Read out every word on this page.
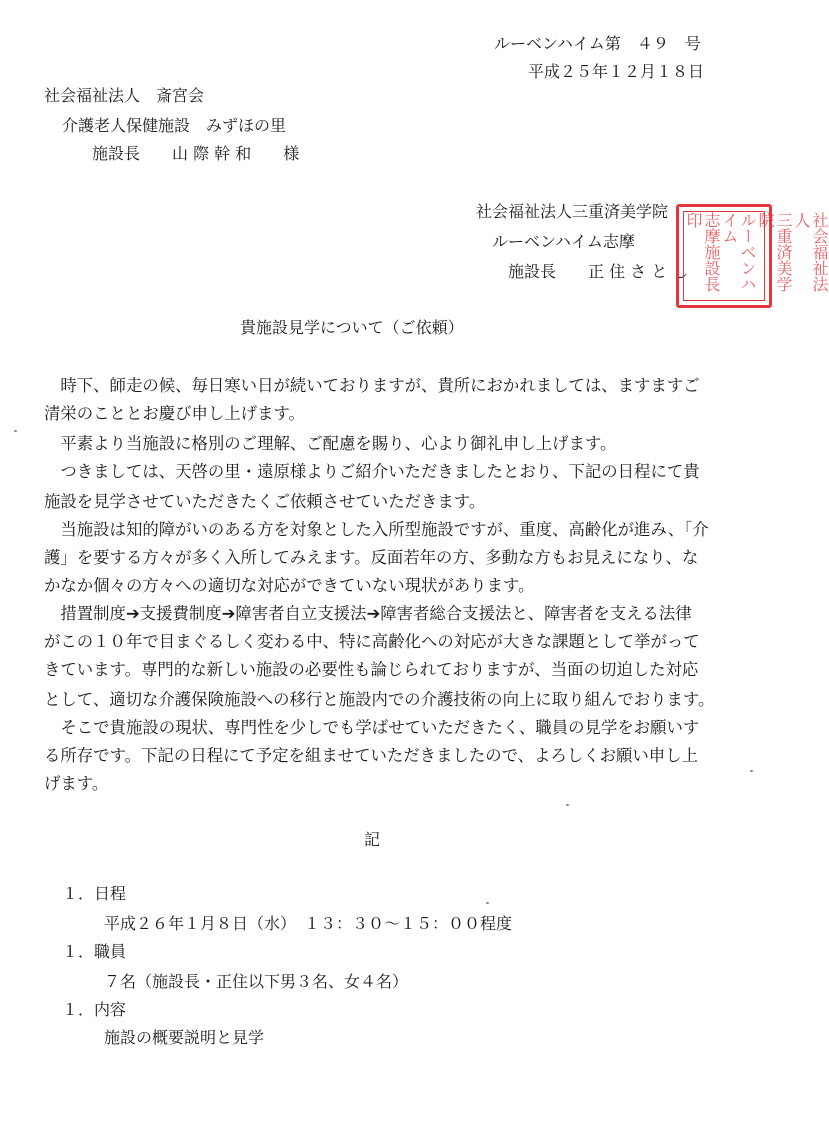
ルーベンハイム第　４９　号
平成２５年１２月１８日
社会福祉法人　斎宮会
介護老人保健施設　みずほの里
施設長　　山 際 幹 和　　様
社会福祉法人三重済美学院
ルーベンハイム志摩
施設長　　正 住 さ と し	社会福祉法人
三重済美学院
ルーベンハイム
志摩施設長印
貴施設見学について（ご依頼）
　時下、師走の候、毎日寒い日が続いておりますが、貴所におかれましては、ますますご
清栄のこととお慶び申し上げます。
　平素より当施設に格別のご理解、ご配慮を賜り、心より御礼申し上げます。
　つきましては、天啓の里・遠原様よりご紹介いただきましたとおり、下記の日程にて貴
施設を見学させていただきたくご依頼させていただきます。
　当施設は知的障がいのある方を対象とした入所型施設ですが、重度、高齢化が進み、「介
護」を要する方々が多く入所してみえます。反面若年の方、多動な方もお見えになり、な
かなか個々の方々への適切な対応ができていない現状があります。
　措置制度➔支援費制度➔障害者自立支援法➔障害者総合支援法と、障害者を支える法律
がこの１０年で目まぐるしく変わる中、特に高齢化への対応が大きな課題として挙がって
きています。専門的な新しい施設の必要性も論じられておりますが、当面の切迫した対応
として、適切な介護保険施設への移行と施設内での介護技術の向上に取り組んでおります。
　そこで貴施設の現状、専門性を少しでも学ばせていただきたく、職員の見学をお願いす
る所存です。下記の日程にて予定を組ませていただきましたので、よろしくお願い申し上
げます。
記
１．日程
平成２６年１月８日（水）　１３：３０〜１５：００程度
１．職員
７名（施設長・正住以下男３名、女４名）
１．内容
施設の概要説明と見学
